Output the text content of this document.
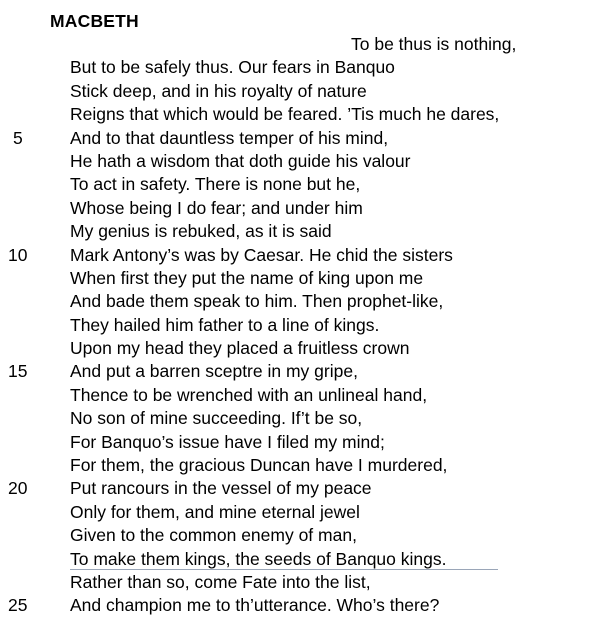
MACBETH
To be thus is nothing,
But to be safely thus. Our fears in Banquo
Stick deep, and in his royalty of nature
Reigns that which would be feared. ’Tis much he dares,
5	And to that dauntless temper of his mind,
He hath a wisdom that doth guide his valour
To act in safety. There is none but he,
Whose being I do fear; and under him
My genius is rebuked, as it is said
10 Mark Antony’s was by Caesar. He chid the sisters
When first they put the name of king upon me
And bade them speak to him. Then prophet-like,
They hailed him father to a line of kings.
Upon my head they placed a fruitless crown
15 And put a barren sceptre in my gripe,
Thence to be wrenched with an unlineal hand,
No son of mine succeeding. If’t be so,
For Banquo’s issue have I filed my mind;
For them, the gracious Duncan have I murdered,
20 Put rancours in the vessel of my peace
Only for them, and mine eternal jewel
Given to the common enemy of man,
To make them kings, the seeds of Banquo kings.
Rather than so, come Fate into the list,
25 And champion me to th’utterance. Who’s there?
